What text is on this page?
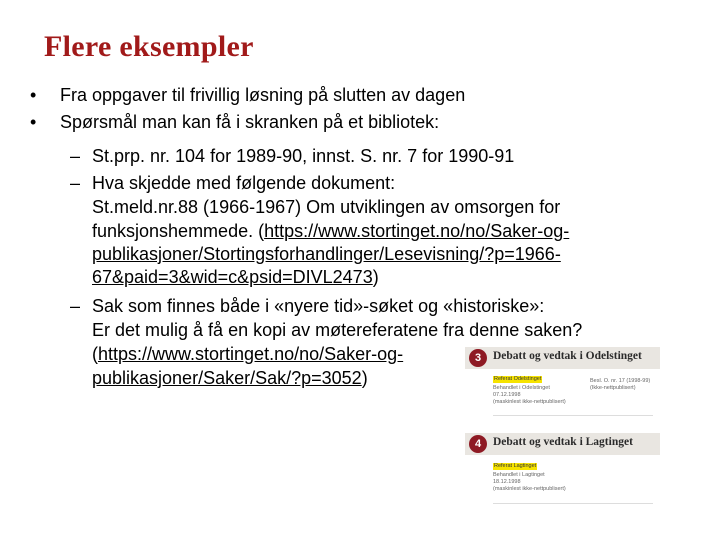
Flere eksempler
• Fra oppgaver til frivillig løsning på slutten av dagen
• Spørsmål man kan få i skranken på et bibliotek:
– St.prp. nr. 104 for 1989-90, innst. S. nr. 7 for 1990-91
– Hva skjedde med følgende dokument:
St.meld.nr.88 (1966-1967) Om utviklingen av omsorgen for
funksjonshemmede. (https://www.stortinget.no/no/Saker-og-
publikasjoner/Stortingsforhandlinger/Lesevisning/?p=1966-
67&paid=3&wid=c&psid=DIVL2473)
– Sak som finnes både i «nyere tid»-søket og «historiske»:
Er det mulig å få en kopi av møtereferatene fra denne saken?
(https://www.stortinget.no/no/Saker-og-
publikasjoner/Saker/Sak/?p=3052)
3	Debatt og vedtak i Odelstinget
Referat Odelstinget
Behandlet i Odelstinget
07.12.1998
(maskinlest ikke-nettpublisert)
Besl. O. nr. 17 (1998-99)
(Ikke-nettpublisert)
4	Debatt og vedtak i Lagtinget
Referat Lagtinget
Behandlet i Lagtinget
18.12.1998
(maskinlest ikke-nettpublisert)
